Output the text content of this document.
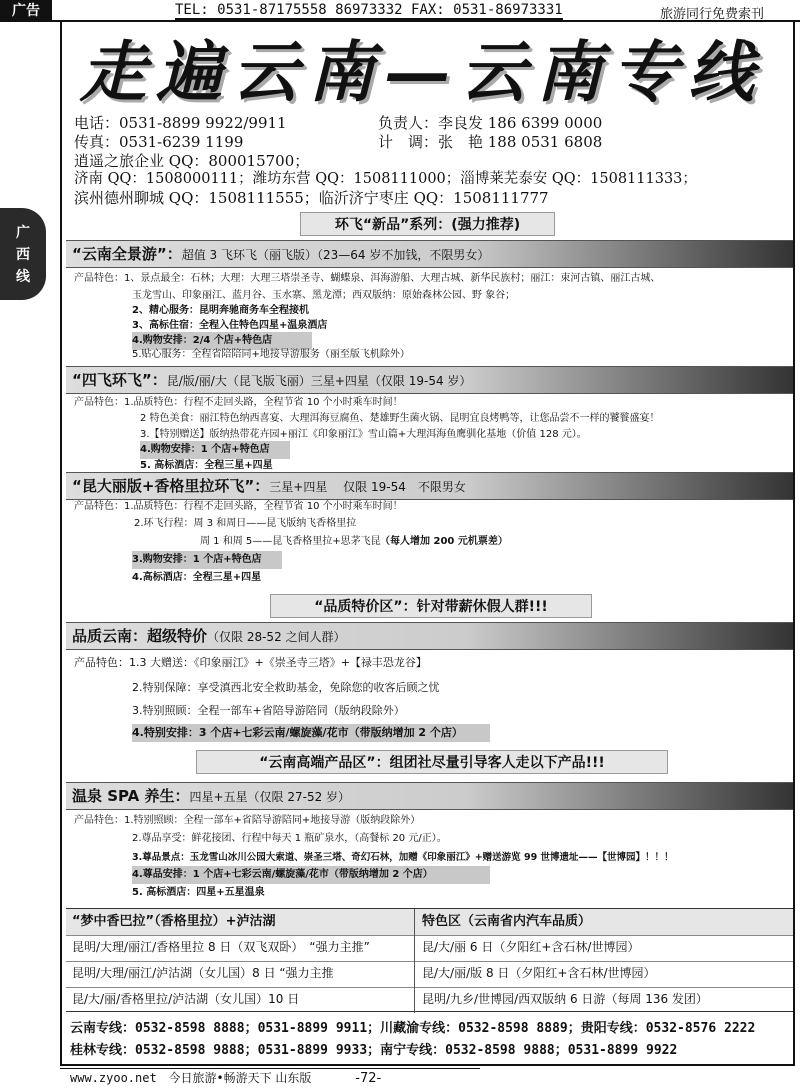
广告	TEL: 0531-87175558 86973332 FAX: 0531-86973331	旅游同行免费索刊
广
西
线
走遍云南—云南专线
电话：0531-8899 9922/9911	负责人：李良发 186 6399 0000
传真：0531-6239 1199	计　调：张　艳 188 0531 6808
逍遥之旅企业 QQ：800015700；
济南 QQ：1508000111；潍坊东营 QQ：1508111000；淄博莱芜泰安 QQ：1508111333；
滨州德州聊城 QQ：1508111555；临沂济宁枣庄 QQ：1508111777
环飞“新品”系列：(强力推荐)
“云南全景游”：超值 3 飞环飞（丽飞版）（23—64 岁不加钱，不限男女）
产品特色：1、景点最全：石林；大理：大理三塔崇圣寺、蝴蝶泉、洱海游船、大理古城、新华民族村；丽江：束河古镇、丽江古城、
玉龙雪山、印象丽江、蓝月谷、玉水寨、黑龙潭；西双版纳：原始森林公园、野 象谷；
2、精心服务：昆明奔驰商务车全程接机
3、高标住宿：全程入住特色四星+温泉酒店
4.购物安排：2/4 个店+特色店
5.贴心服务：全程省陪陪同+地接导游服务（丽至版飞机除外）
“四飞环飞”：昆/版/丽/大（昆飞版飞丽）三星+四星（仅限 19-54 岁）
产品特色：1.品质特色：行程不走回头路，全程节省 10 个小时乘车时间！
2 特色美食：丽江特色纳西喜宴、大理洱海豆腐鱼、楚雄野生菌火锅、昆明宜良烤鸭等，让您品尝不一样的饕餮盛宴！
3.【特别赠送】版纳热带花卉园+丽江《印象丽江》雪山篇+大理洱海鱼鹰驯化基地（价值 128 元）。
4.购物安排：1 个店+特色店
5. 高标酒店：全程三星+四星
“昆大丽版+香格里拉环飞”：三星+四星　 仅限 19-54　不限男女
产品特色：1.品质特色：行程不走回头路，全程节省 10 个小时乘车时间！
2.环飞行程：周 3 和周日——昆飞版纳飞香格里拉
周 1 和周 5——昆飞香格里拉+思茅飞昆 （每人增加 200 元机票差）
3.购物安排：1 个店+特色店
4.高标酒店：全程三星+四星
“品质特价区”：针对带薪休假人群!!!
品质云南：超级特价（仅限 28-52 之间人群）
产品特色：1.3 大赠送：《印象丽江》+《崇圣寺三塔》+【禄丰恐龙谷】
2.特别保障：享受滇西北安全救助基金，免除您的收客后顾之忧
3.特别照顾：全程一部车+省陪导游陪同（版纳段除外）
4.特别安排：3 个店+七彩云南/螺旋藻/花市（带版纳增加 2 个店）
“云南高端产品区”：组团社尽量引导客人走以下产品!!!
温泉 SPA 养生：四星+五星（仅限 27-52 岁）
产品特色：1.特别照顾：全程一部车+省陪导游陪同+地接导游（版纳段除外）
2.尊品享受：鲜花接团、行程中每天 1 瓶矿泉水，（高餐标 20 元/正）。
3.尊品景点：玉龙雪山冰川公园大索道、崇圣三塔、奇幻石林，加赠《印象丽江》+赠送游览 99 世博遗址——【世博园】！！！
4.尊品安排：1 个店+七彩云南/螺旋藻/花市（带版纳增加 2 个店）
5. 高标酒店：四星+五星温泉
“梦中香巴拉”（香格里拉）+泸沽湖	特色区（云南省内汽车品质）
昆明/大理/丽江/香格里拉 8 日（双飞双卧）　“强力主推”	昆/大/丽 6 日（夕阳红+含石林/世博园）
昆明/大理/丽江/泸沽湖（女儿国）8 日 “强力主推	昆/大/丽/版 8 日（夕阳红+含石林/世博园）
昆/大/丽/香格里拉/泸沽湖（女儿国）10 日	昆明/九乡/世博园/西双版纳 6 日游（每周 136 发团）
云南专线：0532-8598 8888；0531-8899 9911；川藏渝专线：0532-8598 8889；贵阳专线：0532-8576 2222
桂林专线：0532-8598 9888；0531-8899 9933；南宁专线：0532-8598 9888；0531-8899 9922
www.zyoo.net 今日旅游•畅游天下 山东版	-72-
